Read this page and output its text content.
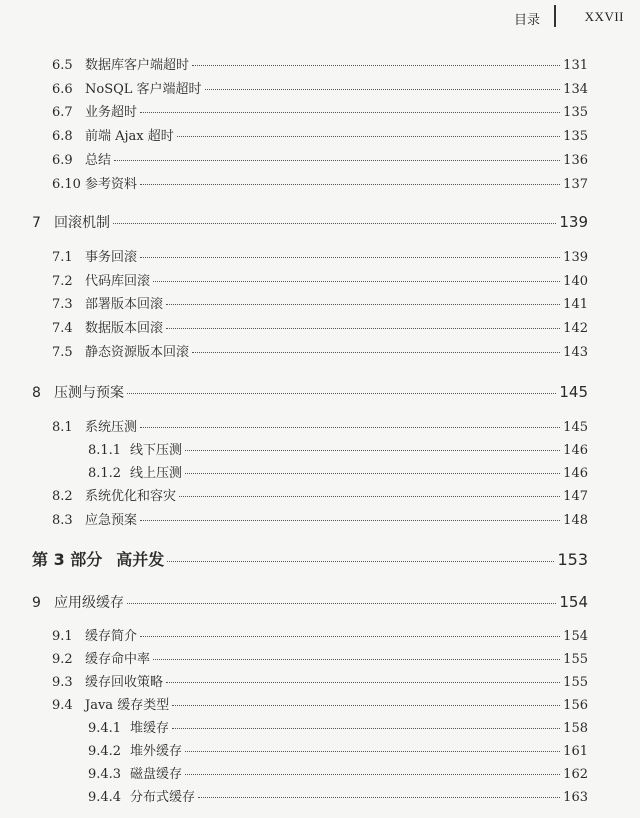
目录	XXVII
6.5 数据库客户端超时	131
6.6 NoSQL 客户端超时	134
6.7 业务超时	135
6.8 前端 Ajax 超时	135
6.9 总结	136
6.10 参考资料	137
7 回滚机制	139
7.1 事务回滚	139
7.2 代码库回滚	140
7.3 部署版本回滚	141
7.4 数据版本回滚	142
7.5 静态资源版本回滚	143
8 压测与预案	145
8.1 系统压测	145
8.1.1 线下压测	146
8.1.2 线上压测	146
8.2 系统优化和容灾	147
8.3 应急预案	148
第 3 部分 高并发	153
9 应用级缓存	154
9.1 缓存简介	154
9.2 缓存命中率	155
9.3 缓存回收策略	155
9.4 Java 缓存类型	156
9.4.1 堆缓存	158
9.4.2 堆外缓存	161
9.4.3 磁盘缓存	162
9.4.4 分布式缓存	163
